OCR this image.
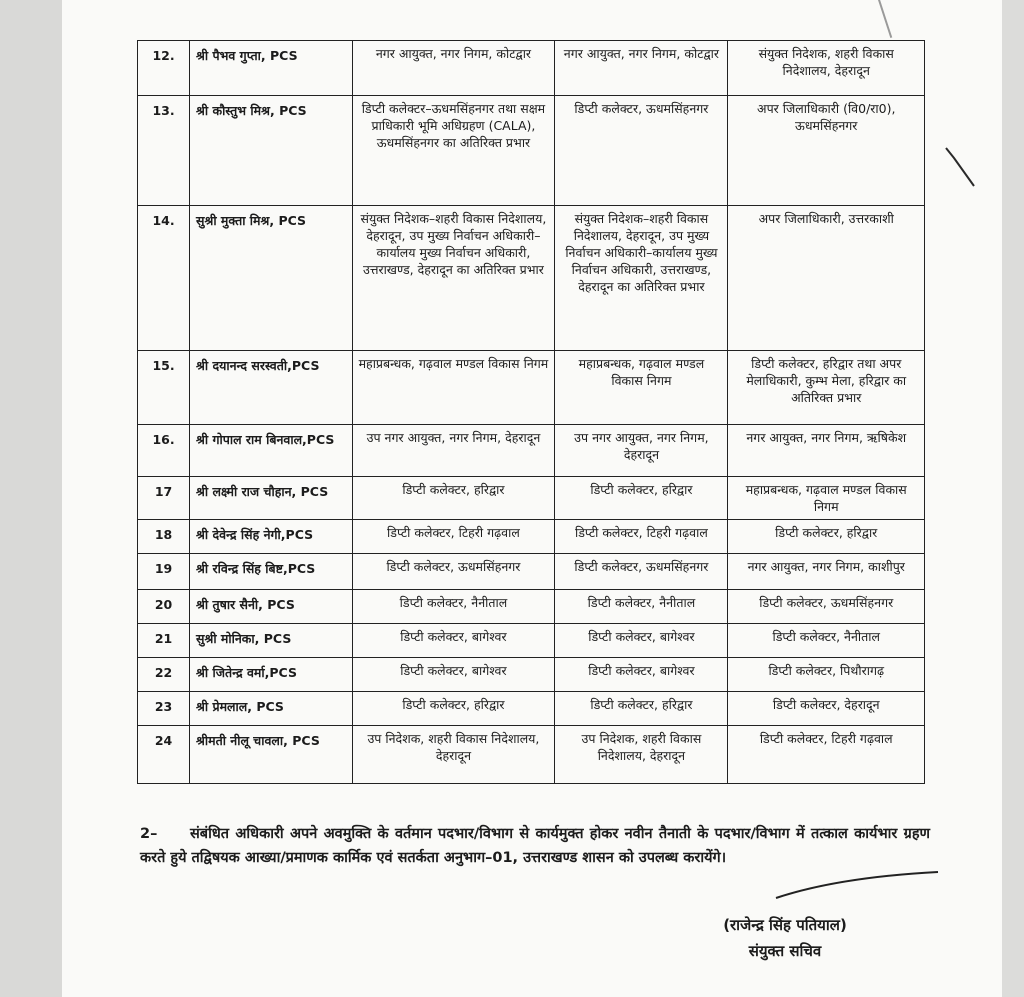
12.	श्री पैभव गुप्ता, PCS	नगर आयुक्त, नगर निगम, कोटद्वार	नगर आयुक्त, नगर निगम, कोटद्वार	संयुक्त निदेशक, शहरी विकास निदेशालय, देहरादून
13.	श्री कौस्तुभ मिश्र, PCS	डिप्टी कलेक्टर–ऊधमसिंहनगर तथा सक्षम प्राधिकारी भूमि अधिग्रहण (CALA), ऊधमसिंहनगर का अतिरिक्त प्रभार	डिप्टी कलेक्टर, ऊधमसिंहनगर	अपर जिलाधिकारी (वि0/रा0), ऊधमसिंहनगर
14.	सुश्री मुक्ता मिश्र, PCS	संयुक्त निदेशक–शहरी विकास निदेशालय, देहरादून, उप मुख्य निर्वाचन अधिकारी–कार्यालय मुख्य निर्वाचन अधिकारी, उत्तराखण्ड, देहरादून का अतिरिक्त प्रभार	संयुक्त निदेशक–शहरी विकास निदेशालय, देहरादून, उप मुख्य निर्वाचन अधिकारी–कार्यालय मुख्य निर्वाचन अधिकारी, उत्तराखण्ड, देहरादून का अतिरिक्त प्रभार	अपर जिलाधिकारी, उत्तरकाशी
15.	श्री दयानन्द सरस्वती,PCS	महाप्रबन्धक, गढ़वाल मण्डल विकास निगम	महाप्रबन्धक, गढ़वाल मण्डल विकास निगम	डिप्टी कलेक्टर, हरिद्वार तथा अपर मेलाधिकारी, कुम्भ मेला, हरिद्वार का अतिरिक्त प्रभार
16.	श्री गोपाल राम बिनवाल,PCS	उप नगर आयुक्त, नगर निगम, देहरादून	उप नगर आयुक्त, नगर निगम, देहरादून	नगर आयुक्त, नगर निगम, ऋषिकेश
17	श्री लक्ष्मी राज चौहान, PCS	डिप्टी कलेक्टर, हरिद्वार	डिप्टी कलेक्टर, हरिद्वार	महाप्रबन्धक, गढ़वाल मण्डल विकास निगम
18	श्री देवेन्द्र सिंह नेगी,PCS	डिप्टी कलेक्टर, टिहरी गढ़वाल	डिप्टी कलेक्टर, टिहरी गढ़वाल	डिप्टी कलेक्टर, हरिद्वार
19	श्री रविन्द्र सिंह बिष्ट,PCS	डिप्टी कलेक्टर, ऊधमसिंहनगर	डिप्टी कलेक्टर, ऊधमसिंहनगर	नगर आयुक्त, नगर निगम, काशीपुर
20	श्री तुषार सैनी, PCS	डिप्टी कलेक्टर, नैनीताल	डिप्टी कलेक्टर, नैनीताल	डिप्टी कलेक्टर, ऊधमसिंहनगर
21	सुश्री मोनिका, PCS	डिप्टी कलेक्टर, बागेश्वर	डिप्टी कलेक्टर, बागेश्वर	डिप्टी कलेक्टर, नैनीताल
22	श्री जितेन्द्र वर्मा,PCS	डिप्टी कलेक्टर, बागेश्वर	डिप्टी कलेक्टर, बागेश्वर	डिप्टी कलेक्टर, पिथौरागढ़
23	श्री प्रेमलाल, PCS	डिप्टी कलेक्टर, हरिद्वार	डिप्टी कलेक्टर, हरिद्वार	डिप्टी कलेक्टर, देहरादून
24	श्रीमती नीलू चावला, PCS	उप निदेशक, शहरी विकास निदेशालय, देहरादून	उप निदेशक, शहरी विकास निदेशालय, देहरादून	डिप्टी कलेक्टर, टिहरी गढ़वाल
2– संबंधित अधिकारी अपने अवमुक्ति के वर्तमान पदभार/विभाग से कार्यमुक्त होकर नवीन तैनाती के पदभार/विभाग में तत्काल कार्यभार ग्रहण करते हुये तद्विषयक आख्या/प्रमाणक कार्मिक एवं सतर्कता अनुभाग–01, उत्तराखण्ड शासन को उपलब्ध करायेंगे।
(राजेन्द्र सिंह पतियाल)
संयुक्त सचिव
